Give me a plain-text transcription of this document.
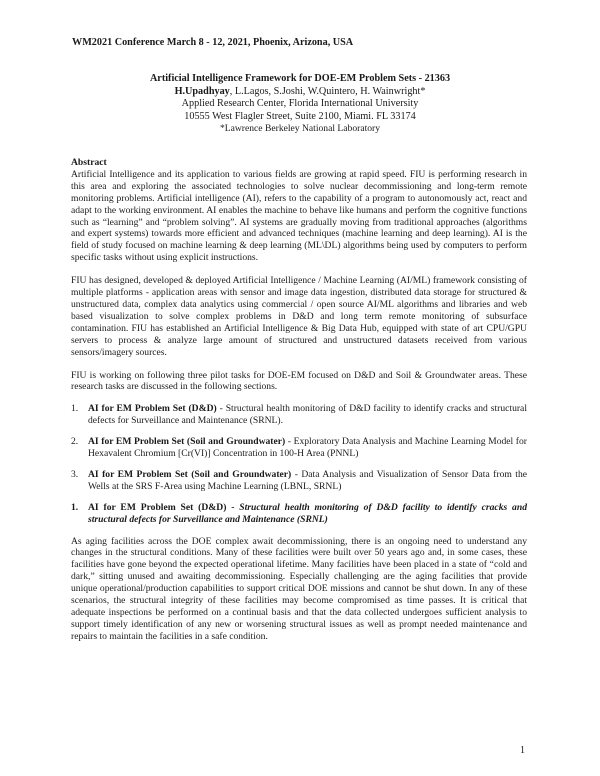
WM2021 Conference March 8 - 12, 2021, Phoenix, Arizona, USA
Artificial Intelligence Framework for DOE-EM Problem Sets - 21363
H.Upadhyay, L.Lagos, S.Joshi, W.Quintero, H. Wainwright*
Applied Research Center, Florida International University
10555 West Flagler Street, Suite 2100, Miami. FL 33174
*Lawrence Berkeley National Laboratory

Abstract

Artificial Intelligence and its application to various fields are growing at rapid speed. FIU is performing research in this area and exploring the associated technologies to solve nuclear decommissioning and long-term remote monitoring problems. Artificial intelligence (AI), refers to the capability of a program to autonomously act, react and adapt to the working environment. AI enables the machine to behave like humans and perform the cognitive functions such as “learning” and “problem solving”. AI systems are gradually moving from traditional approaches (algorithms and expert systems) towards more efficient and advanced techniques (machine learning and deep learning). AI is the field of study focused on machine learning & deep learning (ML\DL) algorithms being used by computers to perform specific tasks without using explicit instructions.

FIU has designed, developed & deployed Artificial Intelligence / Machine Learning (AI/ML) framework consisting of multiple platforms - application areas with sensor and image data ingestion, distributed data storage for structured & unstructured data, complex data analytics using commercial / open source AI/ML algorithms and libraries and web based visualization to solve complex problems in D&D and long term remote monitoring of subsurface contamination. FIU has established an Artificial Intelligence & Big Data Hub, equipped with state of art CPU/GPU servers to process & analyze large amount of structured and unstructured datasets received from various sensors/imagery sources.

FIU is working on following three pilot tasks for DOE-EM focused on D&D and Soil & Groundwater areas. These research tasks are discussed in the following sections.

1. AI for EM Problem Set (D&D) - Structural health monitoring of D&D facility to identify cracks and structural defects for Surveillance and Maintenance (SRNL).
2. AI for EM Problem Set (Soil and Groundwater) - Exploratory Data Analysis and Machine Learning Model for Hexavalent Chromium [Cr(VI)] Concentration in 100-H Area (PNNL)
3. AI for EM Problem Set (Soil and Groundwater) - Data Analysis and Visualization of Sensor Data from the Wells at the SRS F-Area using Machine Learning (LBNL, SRNL)
1. AI for EM Problem Set (D&D) - Structural health monitoring of D&D facility to identify cracks and structural defects for Surveillance and Maintenance (SRNL)

As aging facilities across the DOE complex await decommissioning, there is an ongoing need to understand any changes in the structural conditions. Many of these facilities were built over 50 years ago and, in some cases, these facilities have gone beyond the expected operational lifetime. Many facilities have been placed in a state of “cold and dark,” sitting unused and awaiting decommissioning. Especially challenging are the aging facilities that provide unique operational/production capabilities to support critical DOE missions and cannot be shut down. In any of these scenarios, the structural integrity of these facilities may become compromised as time passes. It is critical that adequate inspections be performed on a continual basis and that the data collected undergoes sufficient analysis to support timely identification of any new or worsening structural issues as well as prompt needed maintenance and repairs to maintain the facilities in a safe condition.

1
